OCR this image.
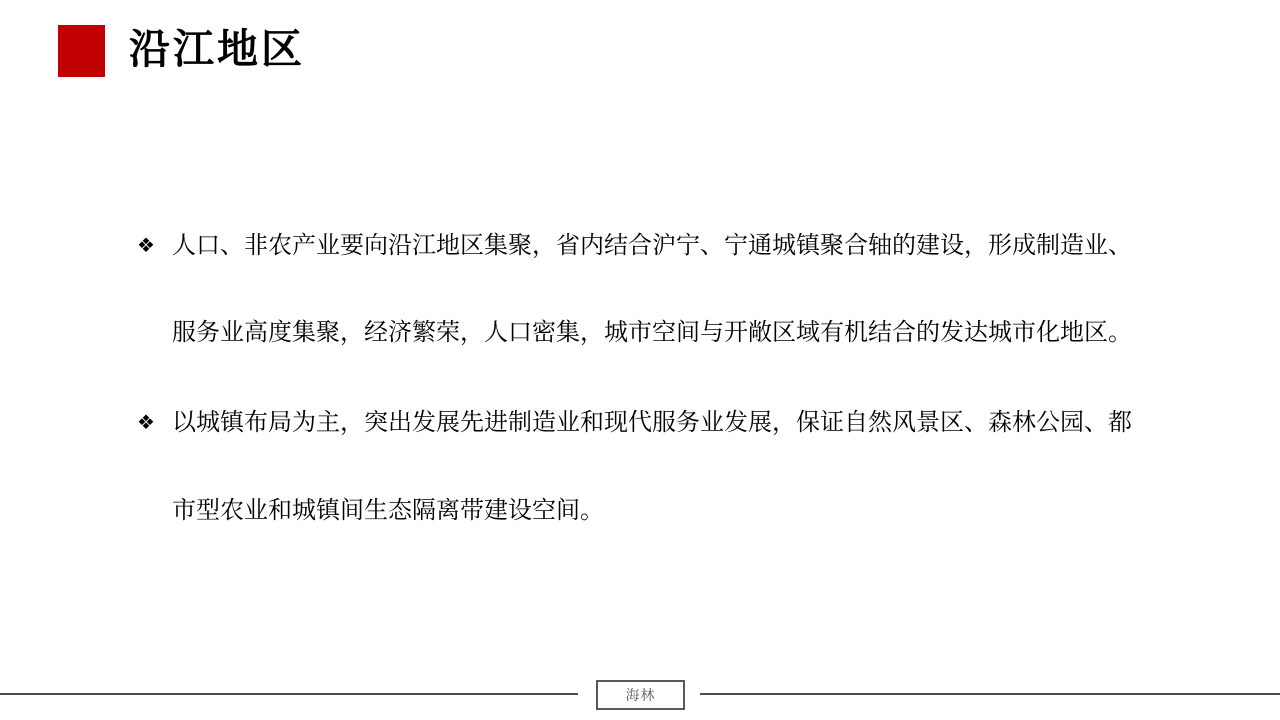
沿江地区
❖ 人口、非农产业要向沿江地区集聚，省内结合沪宁、宁通城镇聚合轴的建设，形成制造业、
服务业高度集聚，经济繁荣，人口密集，城市空间与开敞区域有机结合的发达城市化地区。
❖ 以城镇布局为主，突出发展先进制造业和现代服务业发展，保证自然风景区、森林公园、都
市型农业和城镇间生态隔离带建设空间。
海林
